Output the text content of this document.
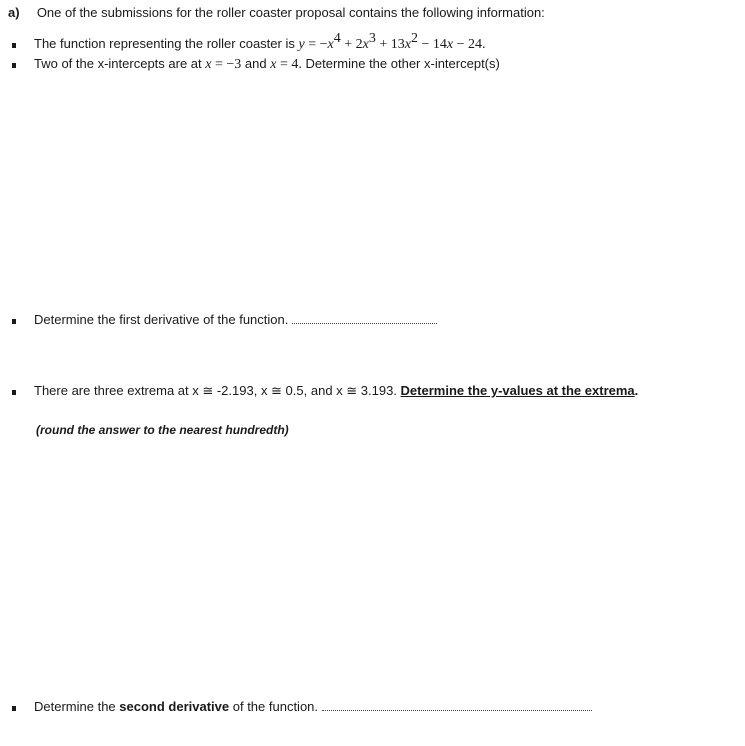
a) One of the submissions for the roller coaster proposal contains the following information:
The function representing the roller coaster is $y = -x^4 + 2x^3 + 13x^2 - 14x - 24$.
Two of the x-intercepts are at x = −3 and x = 4. Determine the other x-intercept(s)
Determine the first derivative of the function.
There are three extrema at x ≅ -2.193, x ≅ 0.5, and x ≅ 3.193. Determine the y-values at the extrema.
(round the answer to the nearest hundredth)
Determine the second derivative of the function.
